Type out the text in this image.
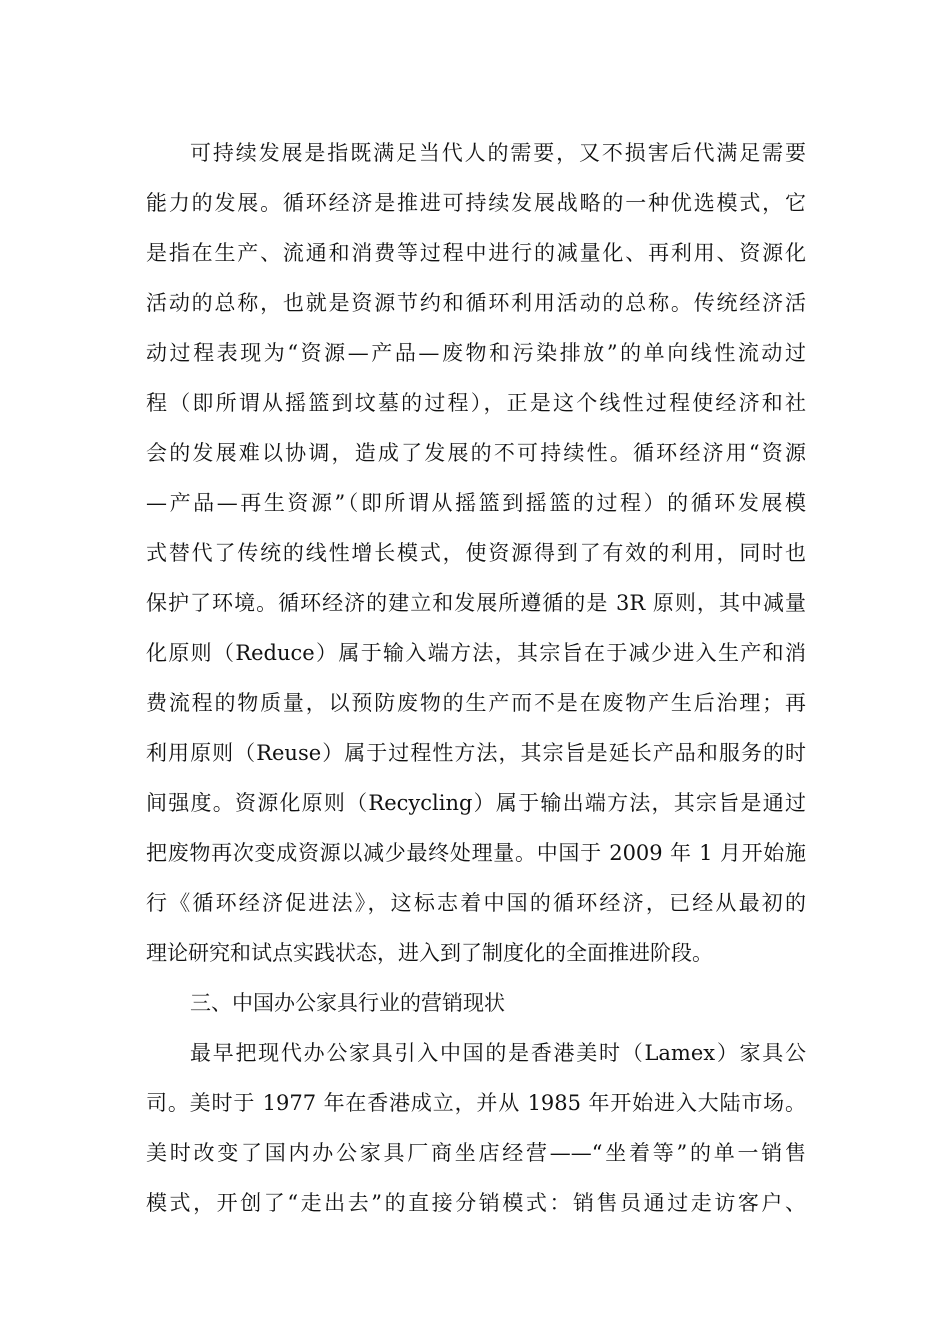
可持续发展是指既满足当代人的需要，又不损害后代满足需要
能力的发展。循环经济是推进可持续发展战略的一种优选模式，它
是指在生产、流通和消费等过程中进行的减量化、再利用、资源化
活动的总称，也就是资源节约和循环利用活动的总称。传统经济活
动过程表现为“资源—产品—废物和污染排放”的单向线性流动过
程（即所谓从摇篮到坟墓的过程），正是这个线性过程使经济和社
会的发展难以协调，造成了发展的不可持续性。循环经济用“资源
—产品—再生资源”（即所谓从摇篮到摇篮的过程）的循环发展模
式替代了传统的线性增长模式，使资源得到了有效的利用，同时也
保护了环境。循环经济的建立和发展所遵循的是 3R 原则，其中减量
化原则（Reduce）属于输入端方法，其宗旨在于减少进入生产和消
费流程的物质量，以预防废物的生产而不是在废物产生后治理；再
利用原则（Reuse）属于过程性方法，其宗旨是延长产品和服务的时
间强度。资源化原则（Recycling）属于输出端方法，其宗旨是通过
把废物再次变成资源以减少最终处理量。中国于 2009 年 1 月开始施
行《循环经济促进法》，这标志着中国的循环经济，已经从最初的
理论研究和试点实践状态，进入到了制度化的全面推进阶段。
三、中国办公家具行业的营销现状
最早把现代办公家具引入中国的是香港美时（Lamex）家具公
司。美时于 1977 年在香港成立，并从 1985 年开始进入大陆市场。
美时改变了国内办公家具厂商坐店经营——“坐着等”的单一销售
模式，开创了“走出去”的直接分销模式：销售员通过走访客户、
